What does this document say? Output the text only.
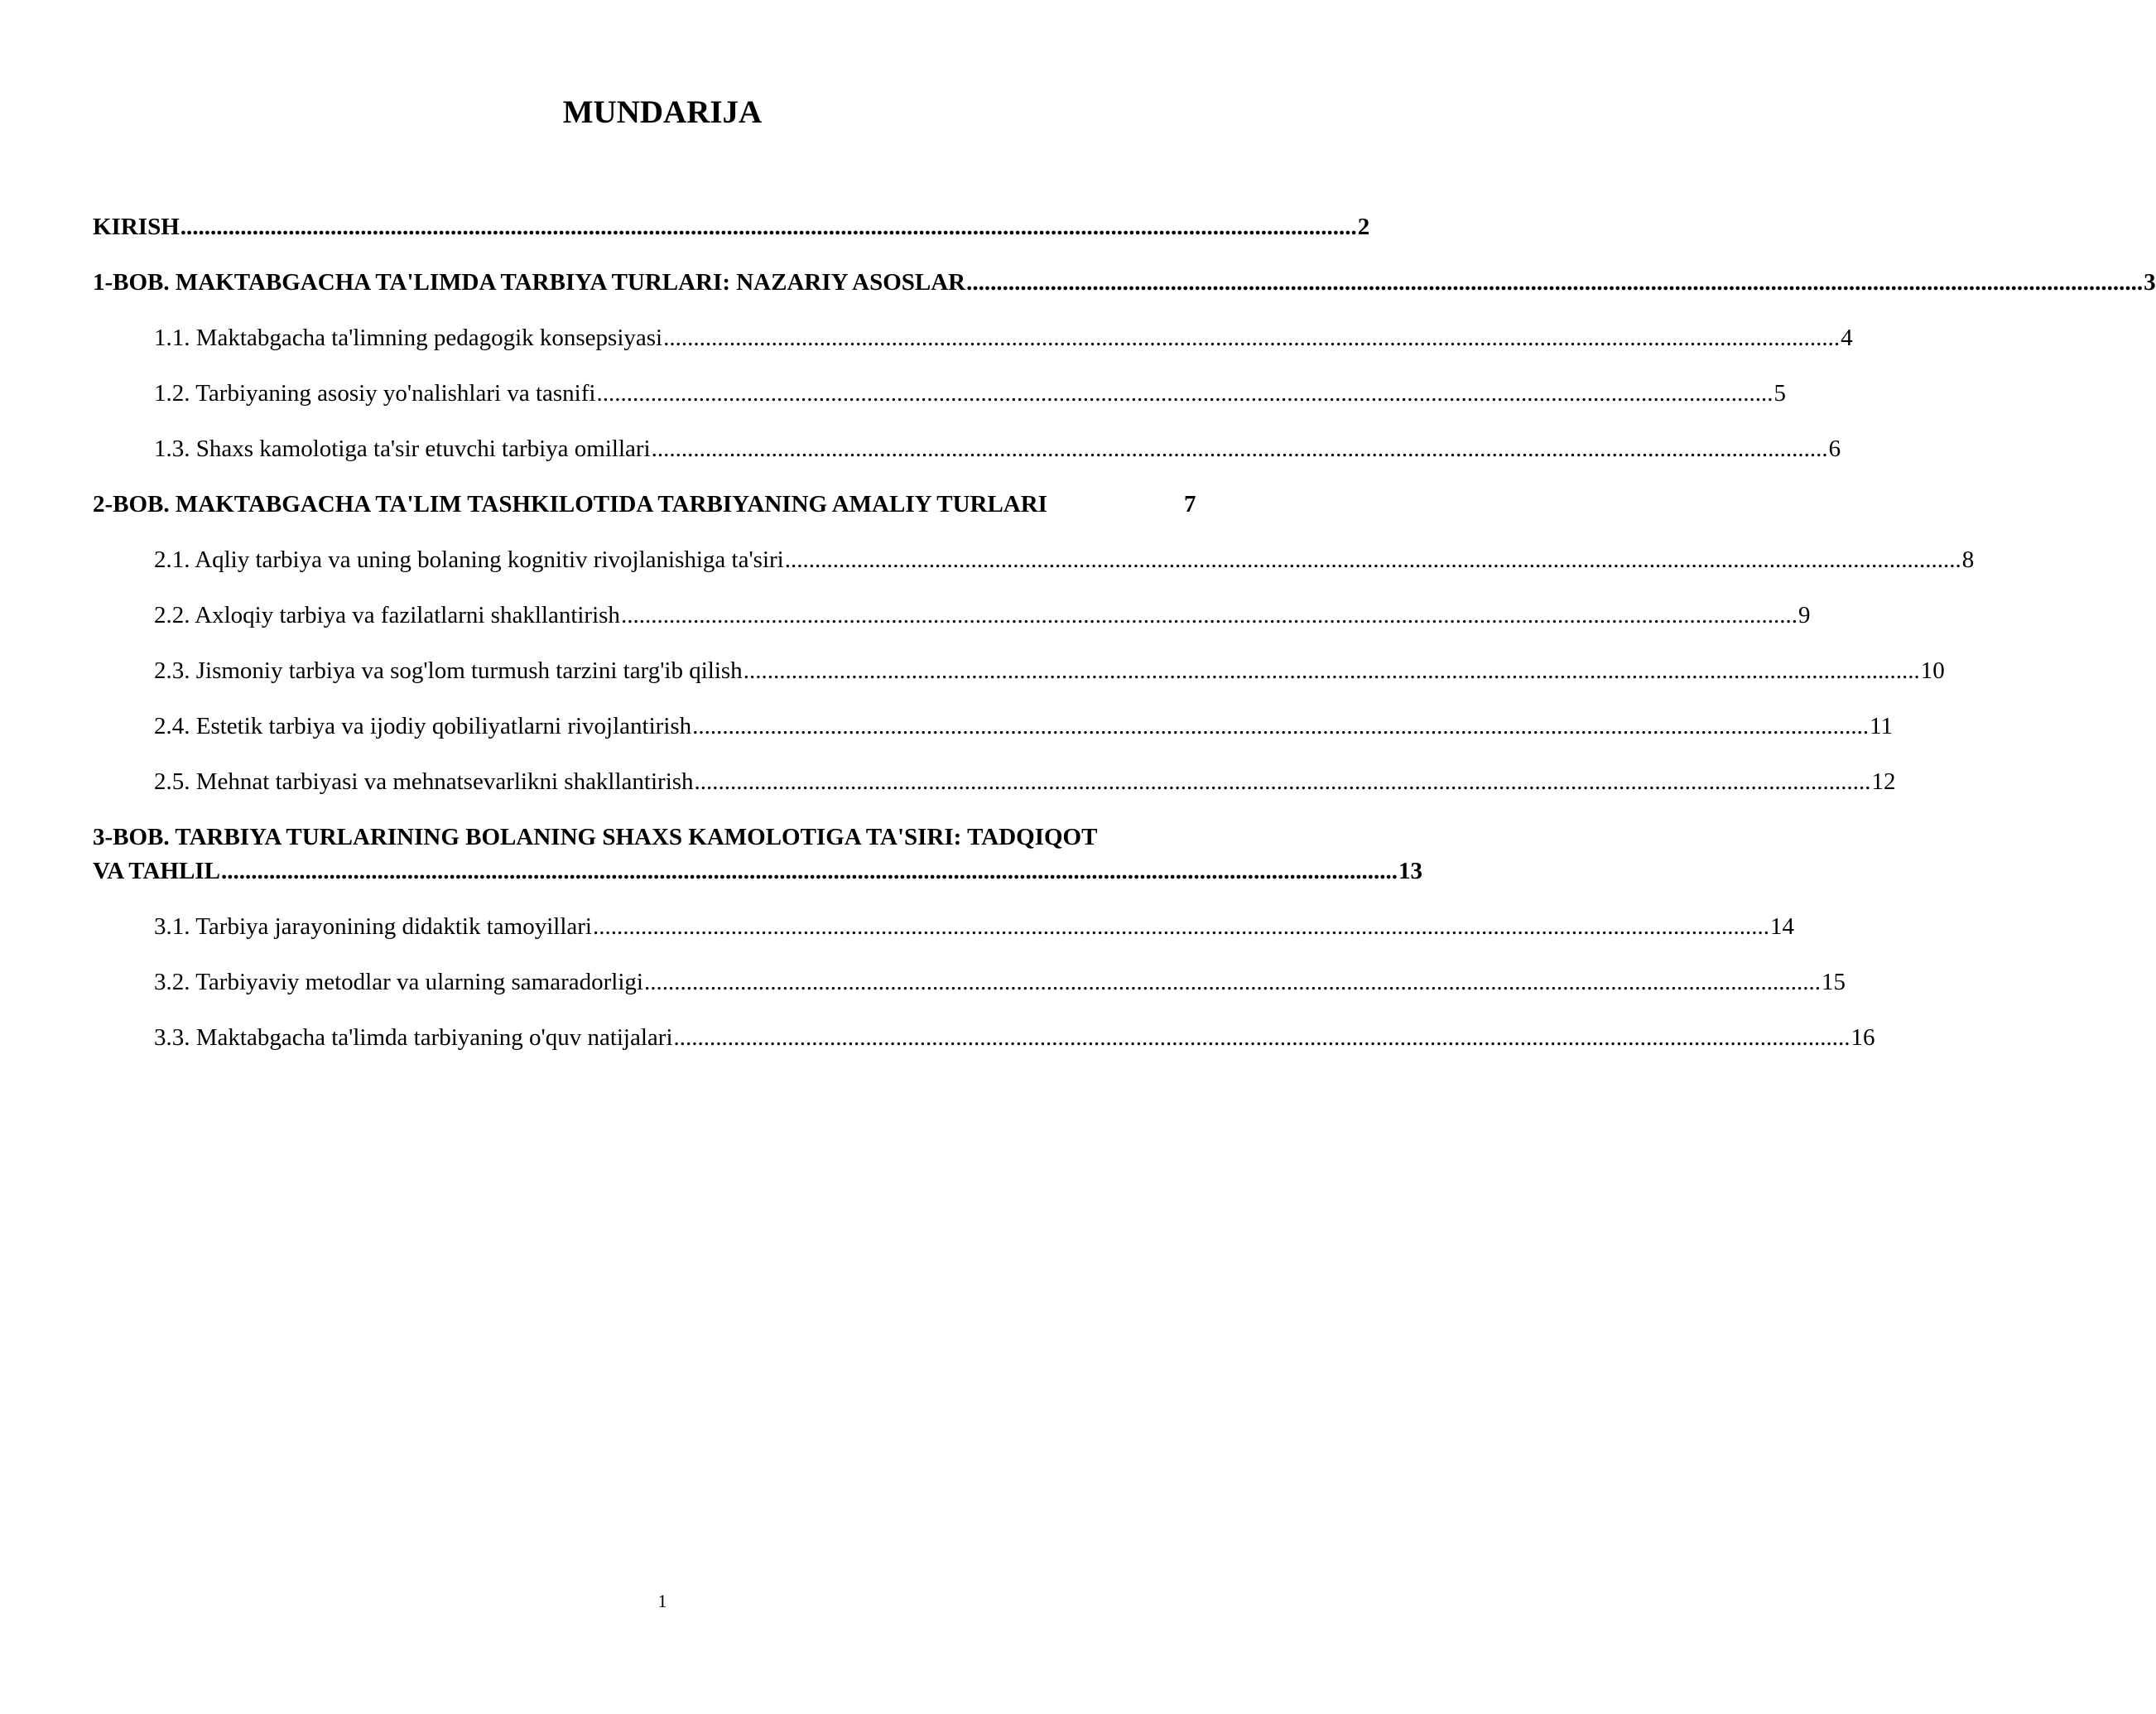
MUNDARIJA
KIRISH .................................................................................................................................................................................................... 2
1-BOB. MAKTABGACHA TA'LIMDA TARBIYA TURLARI: NAZARIY ASOSLAR .................................................................................................................................................................................................... 3
1.1. Maktabgacha ta'limning pedagogik konsepsiyasi .................................................................................................................................................................................................... 4
1.2. Tarbiyaning asosiy yo'nalishlari va tasnifi .................................................................................................................................................................................................... 5
1.3. Shaxs kamolotiga ta'sir etuvchi tarbiya omillari .................................................................................................................................................................................................... 6
2-BOB. MAKTABGACHA TA'LIM TASHKILOTIDA TARBIYANING AMALIY TURLARI	7
2.1. Aqliy tarbiya va uning bolaning kognitiv rivojlanishiga ta'siri .................................................................................................................................................................................................... 8
2.2. Axloqiy tarbiya va fazilatlarni shakllantirish .................................................................................................................................................................................................... 9
2.3. Jismoniy tarbiya va sog'lom turmush tarzini targ'ib qilish .................................................................................................................................................................................................... 10
2.4. Estetik tarbiya va ijodiy qobiliyatlarni rivojlantirish .................................................................................................................................................................................................... 11
2.5. Mehnat tarbiyasi va mehnatsevarlikni shakllantirish .................................................................................................................................................................................................... 12
3-BOB. TARBIYA TURLARINING BOLANING SHAXS KAMOLOTIGA TA'SIRI: TADQIQOT
VA TAHLIL .................................................................................................................................................................................................... 13
3.1. Tarbiya jarayonining didaktik tamoyillari .................................................................................................................................................................................................... 14
3.2. Tarbiyaviy metodlar va ularning samaradorligi .................................................................................................................................................................................................... 15
3.3. Maktabgacha ta'limda tarbiyaning o'quv natijalari .................................................................................................................................................................................................... 16
1
